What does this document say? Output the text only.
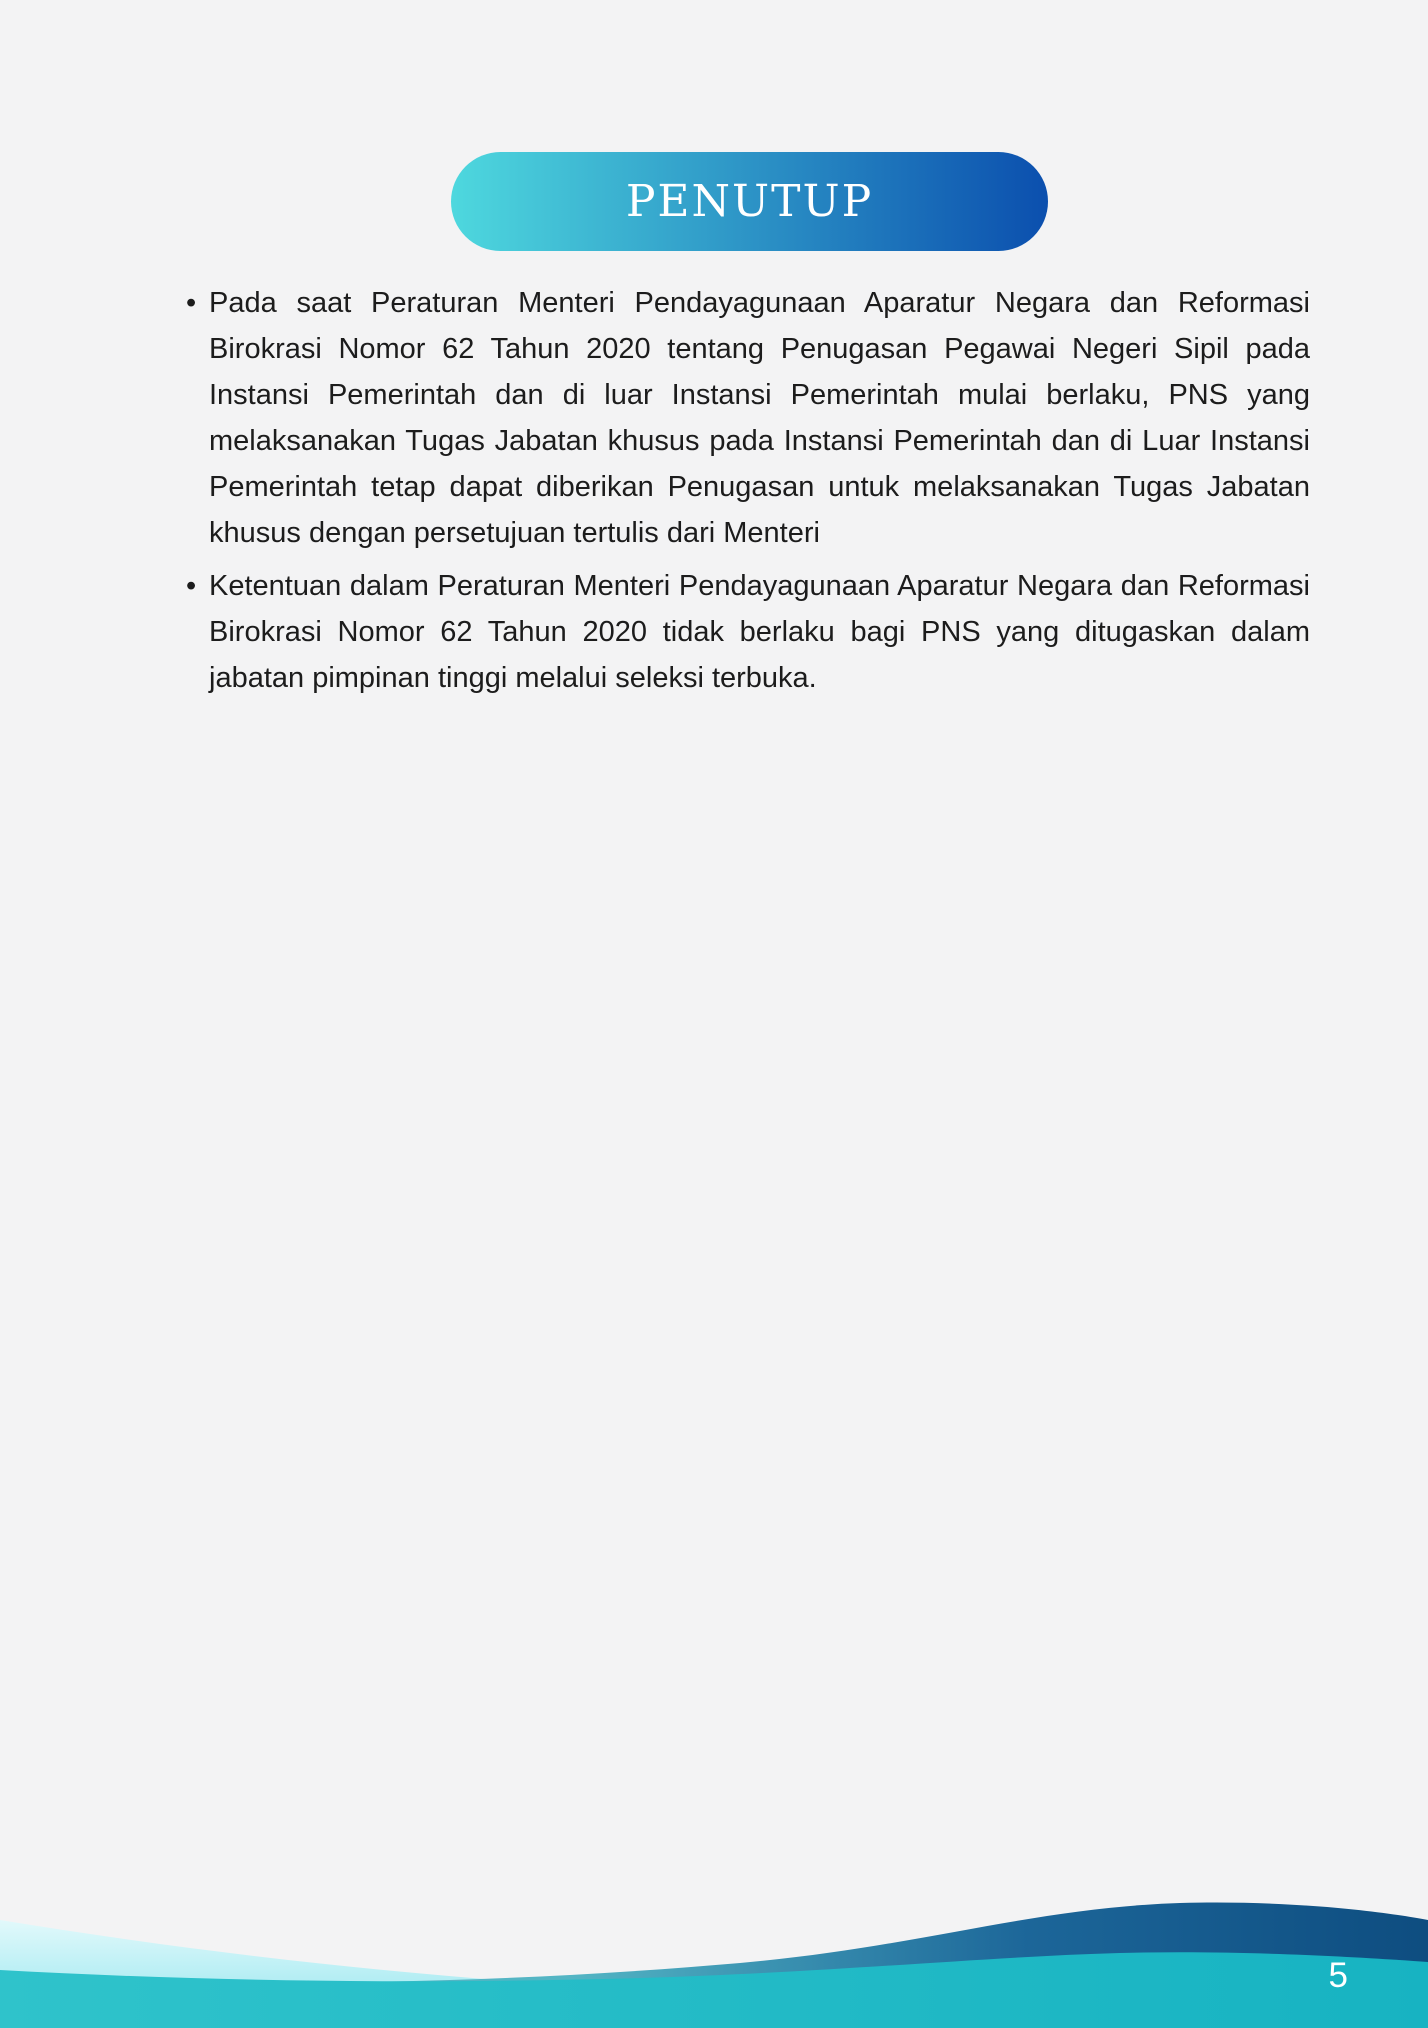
PENUTUP
• Pada saat Peraturan Menteri Pendayagunaan Aparatur Negara dan Reformasi Birokrasi Nomor 62 Tahun 2020 tentang Penugasan Pegawai Negeri Sipil pada Instansi Pemerintah dan di luar Instansi Pemerintah mulai berlaku, PNS yang melaksanakan Tugas Jabatan khusus pada Instansi Pemerintah dan di Luar Instansi Pemerintah tetap dapat diberikan Penugasan untuk melaksanakan Tugas Jabatan khusus dengan persetujuan tertulis dari Menteri
• Ketentuan dalam Peraturan Menteri Pendayagunaan Aparatur Negara dan Reformasi Birokrasi Nomor 62 Tahun 2020 tidak berlaku bagi PNS yang ditugaskan dalam jabatan pimpinan tinggi melalui seleksi terbuka.
5
